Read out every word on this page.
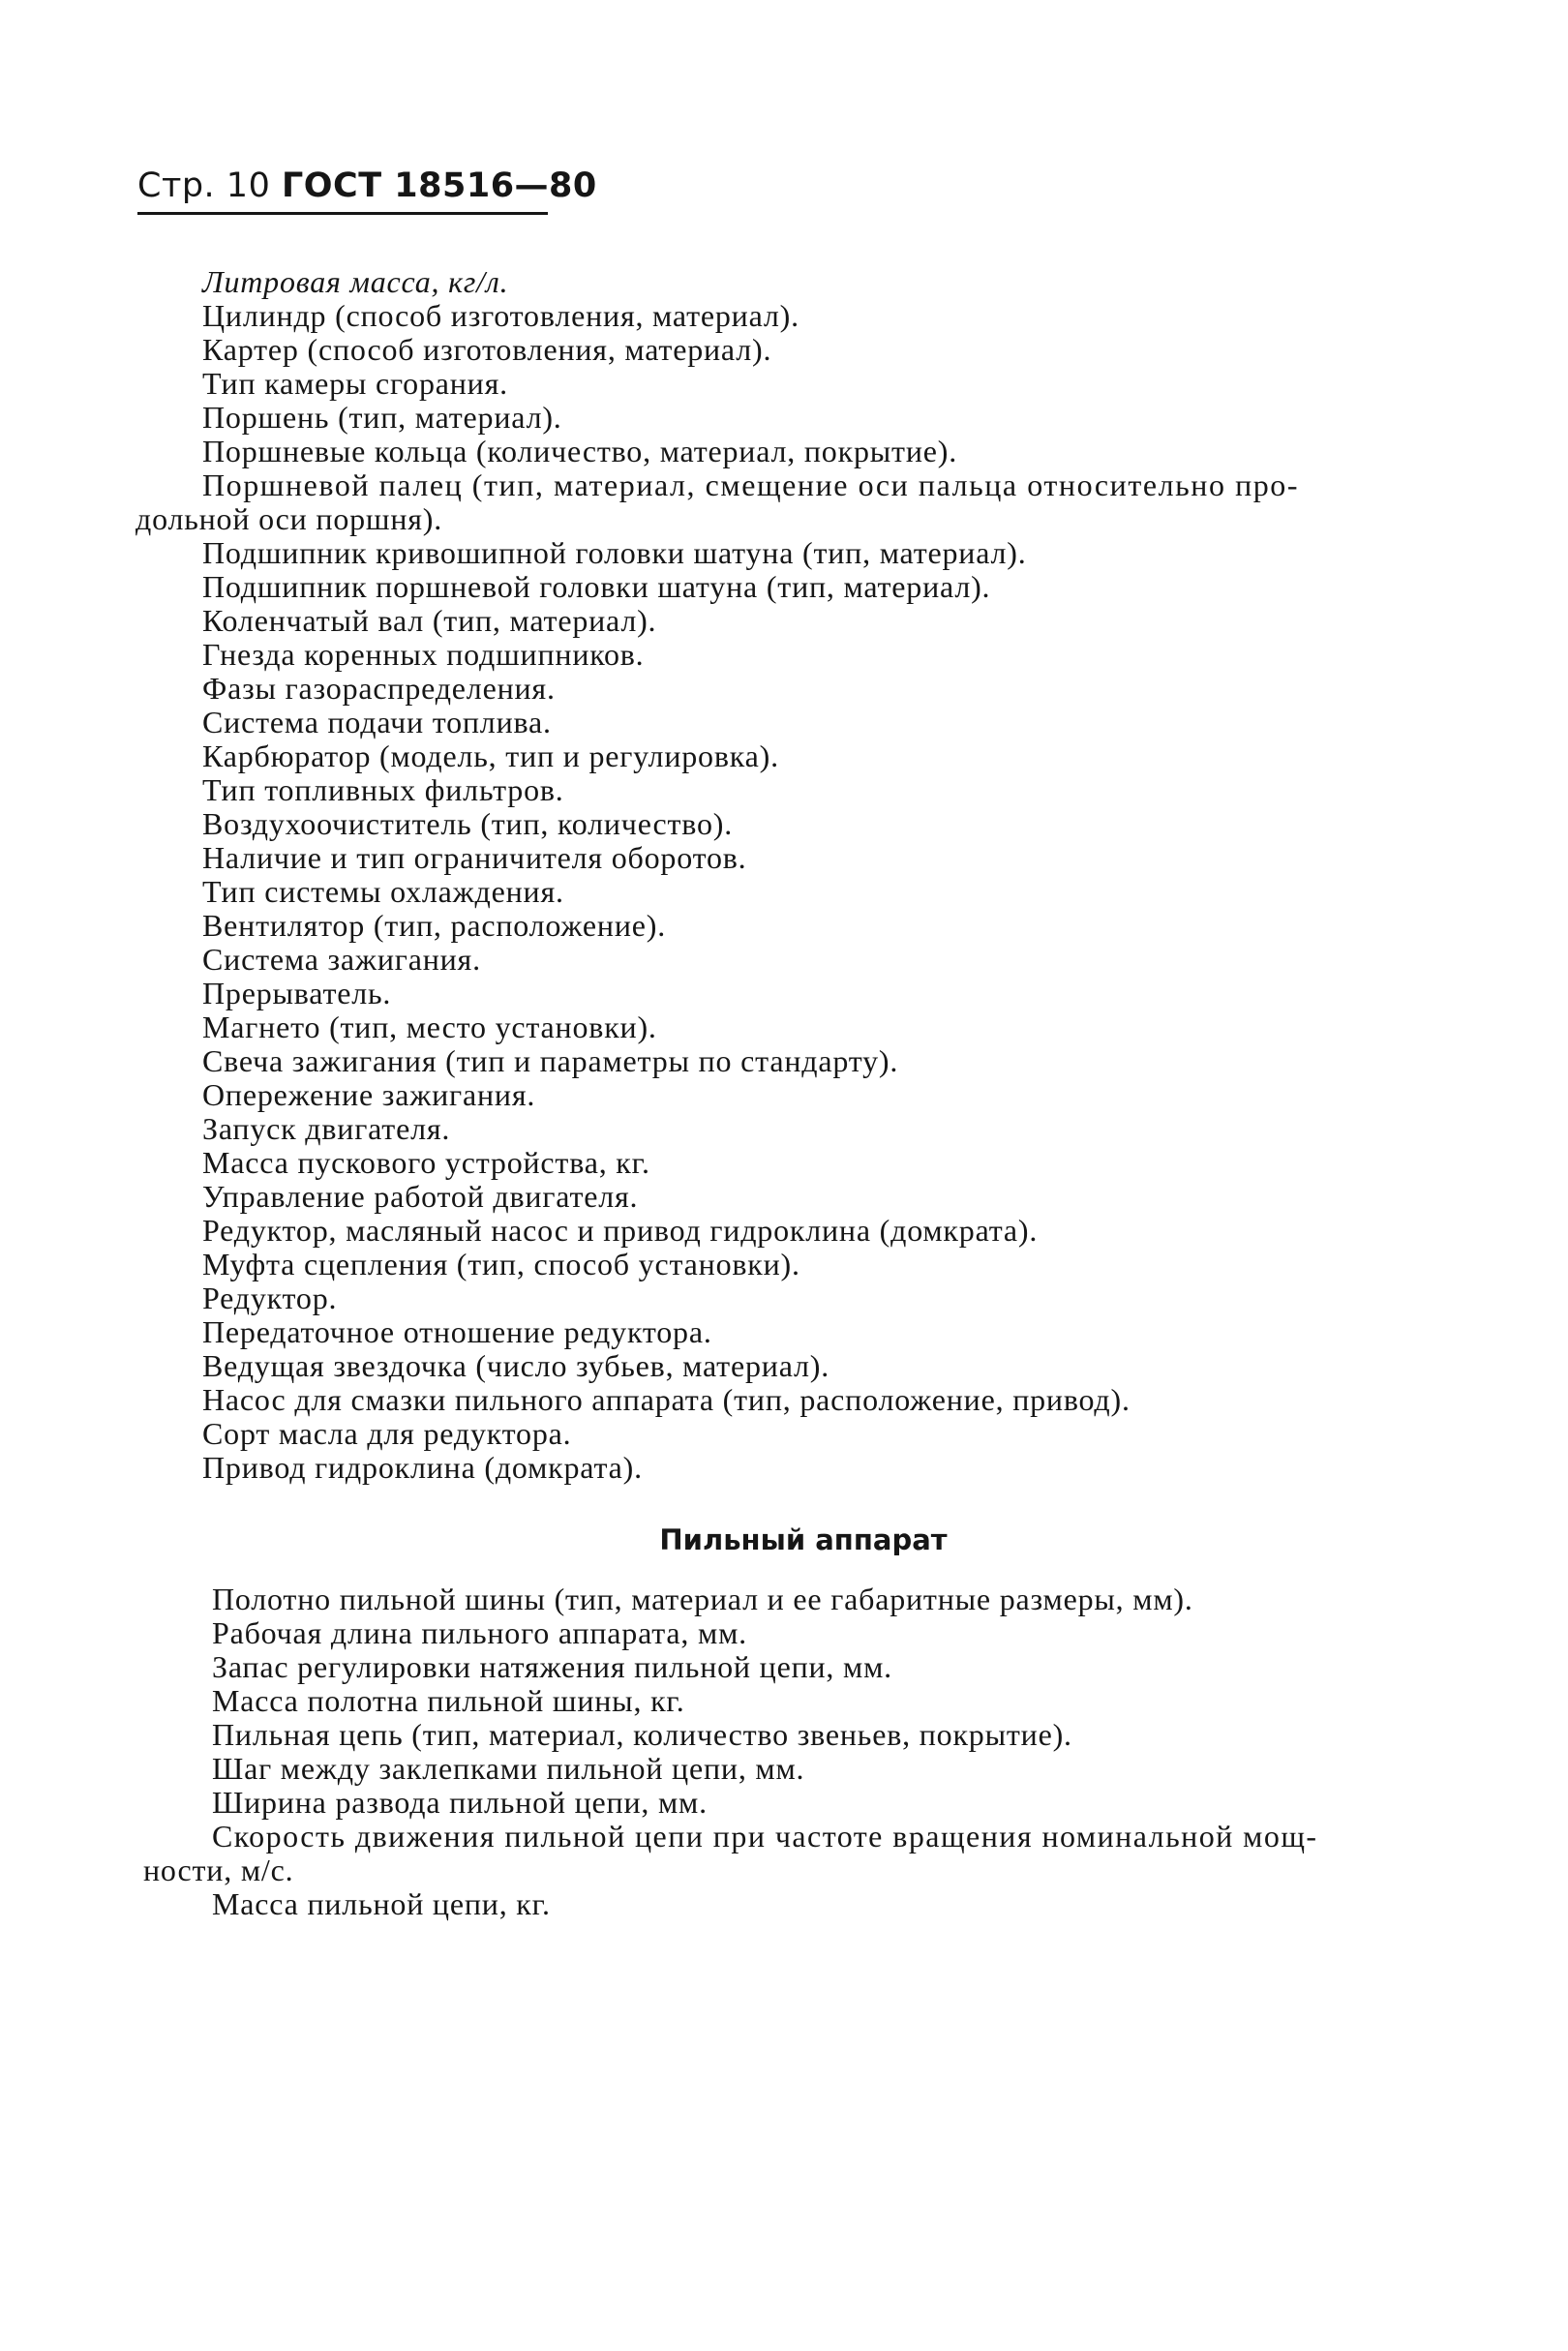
Стр. 10 ГОСТ 18516—80
Литровая масса, кг/л.
Цилиндр (способ изготовления, материал).
Картер (способ изготовления, материал).
Тип камеры сгорания.
Поршень (тип, материал).
Поршневые кольца (количество, материал, покрытие).
Поршневой палец (тип, материал, смещение оси пальца относительно про-
дольной оси поршня).
Подшипник кривошипной головки шатуна (тип, материал).
Подшипник поршневой головки шатуна (тип, материал).
Коленчатый вал (тип, материал).
Гнезда коренных подшипников.
Фазы газораспределения.
Система подачи топлива.
Карбюратор (модель, тип и регулировка).
Тип топливных фильтров.
Воздухоочиститель (тип, количество).
Наличие и тип ограничителя оборотов.
Тип системы охлаждения.
Вентилятор (тип, расположение).
Система зажигания.
Прерыватель.
Магнето (тип, место установки).
Свеча зажигания (тип и параметры по стандарту).
Опережение зажигания.
Запуск двигателя.
Масса пускового устройства, кг.
Управление работой двигателя.
Редуктор, масляный насос и привод гидроклина (домкрата).
Муфта сцепления (тип, способ установки).
Редуктор.
Передаточное отношение редуктора.
Ведущая звездочка (число зубьев, материал).
Насос для смазки пильного аппарата (тип, расположение, привод).
Сорт масла для редуктора.
Привод гидроклина (домкрата).
Пильный аппарат
Полотно пильной шины (тип, материал и ее габаритные размеры, мм).
Рабочая длина пильного аппарата, мм.
Запас регулировки натяжения пильной цепи, мм.
Масса полотна пильной шины, кг.
Пильная цепь (тип, материал, количество звеньев, покрытие).
Шаг между заклепками пильной цепи, мм.
Ширина развода пильной цепи, мм.
Скорость движения пильной цепи при частоте вращения номинальной мощ-
ности, м/с.
Масса пильной цепи, кг.
